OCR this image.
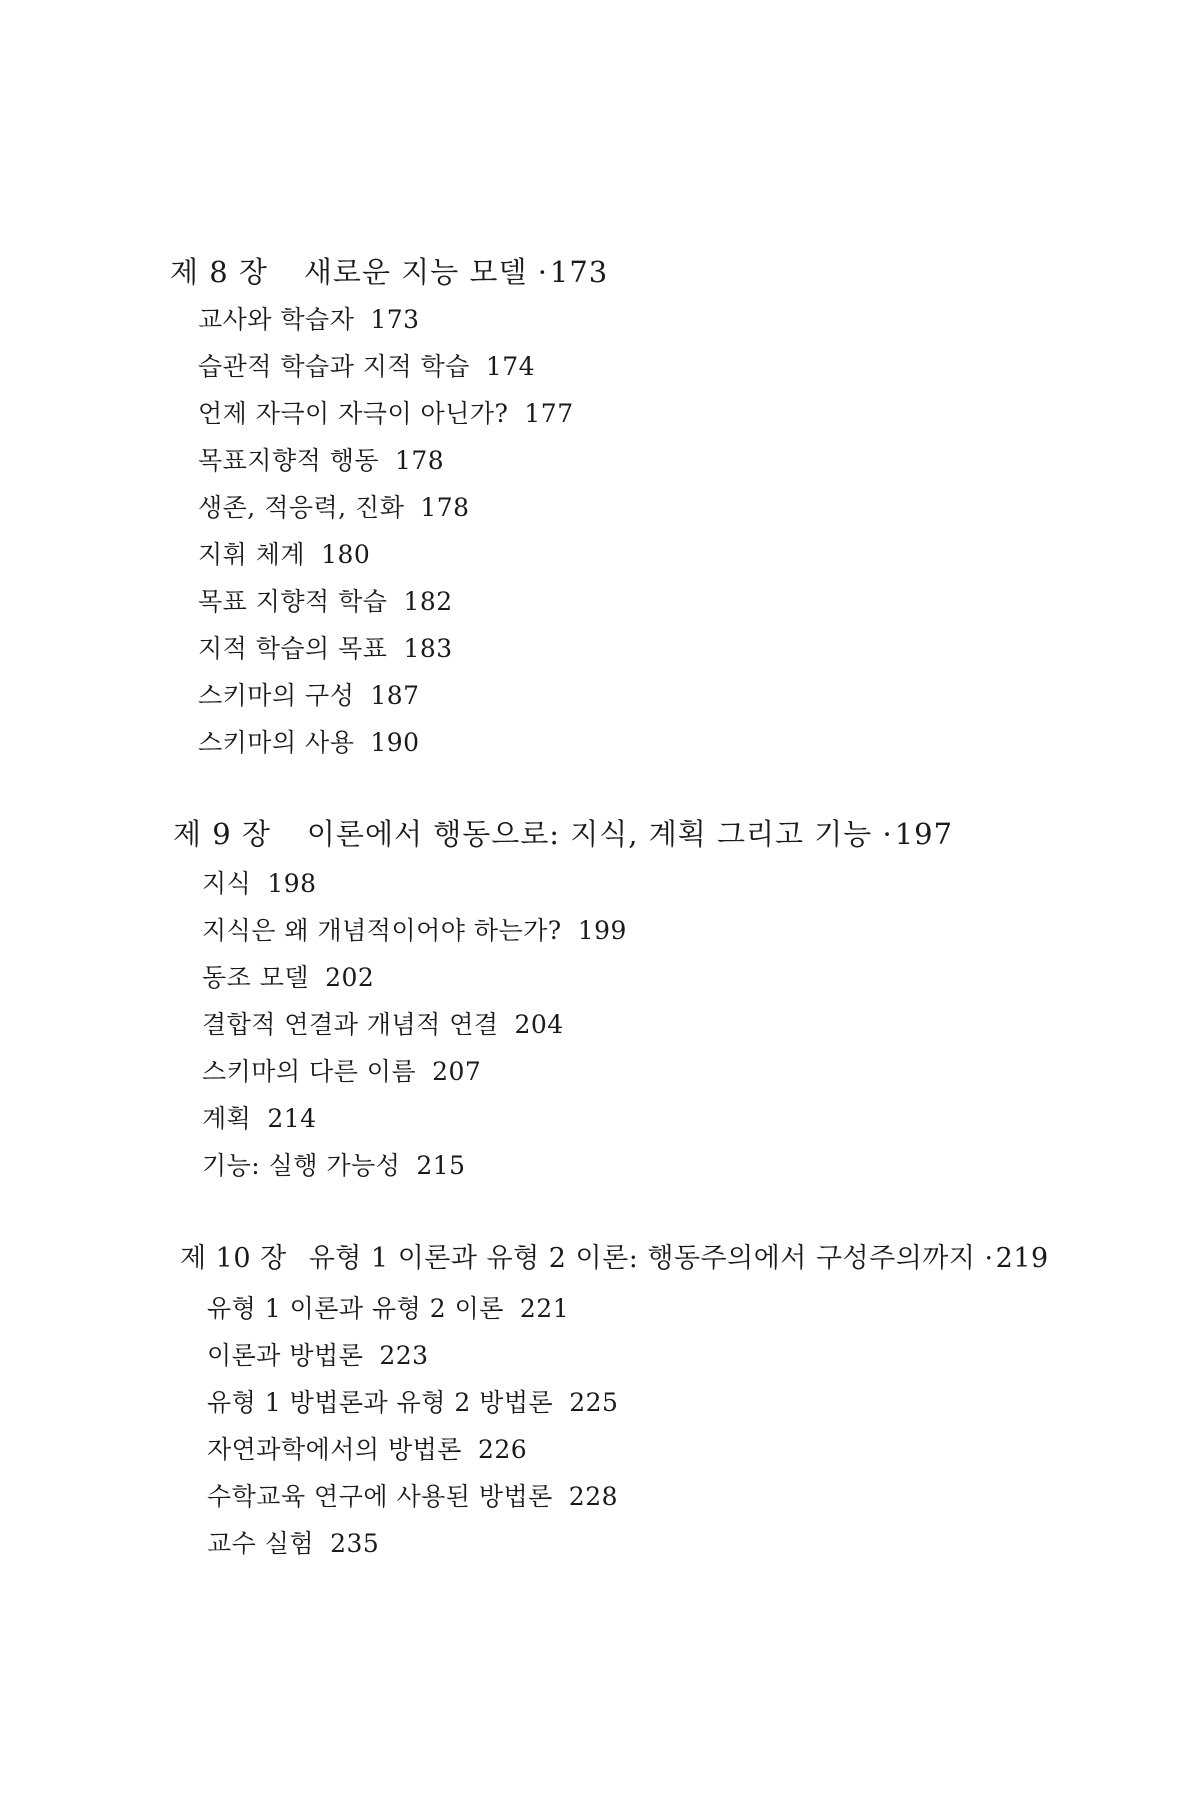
제 8 장 새로운 지능 모델 ·173
교사와 학습자 173
습관적 학습과 지적 학습 174
언제 자극이 자극이 아닌가? 177
목표지향적 행동 178
생존, 적응력, 진화 178
지휘 체계 180
목표 지향적 학습 182
지적 학습의 목표 183
스키마의 구성 187
스키마의 사용 190
제 9 장 이론에서 행동으로: 지식, 계획 그리고 기능 ·197
지식 198
지식은 왜 개념적이어야 하는가? 199
동조 모델 202
결합적 연결과 개념적 연결 204
스키마의 다른 이름 207
계획 214
기능: 실행 가능성 215
제 10 장 유형 1 이론과 유형 2 이론: 행동주의에서 구성주의까지 ·219
유형 1 이론과 유형 2 이론 221
이론과 방법론 223
유형 1 방법론과 유형 2 방법론 225
자연과학에서의 방법론 226
수학교육 연구에 사용된 방법론 228
교수 실험 235
